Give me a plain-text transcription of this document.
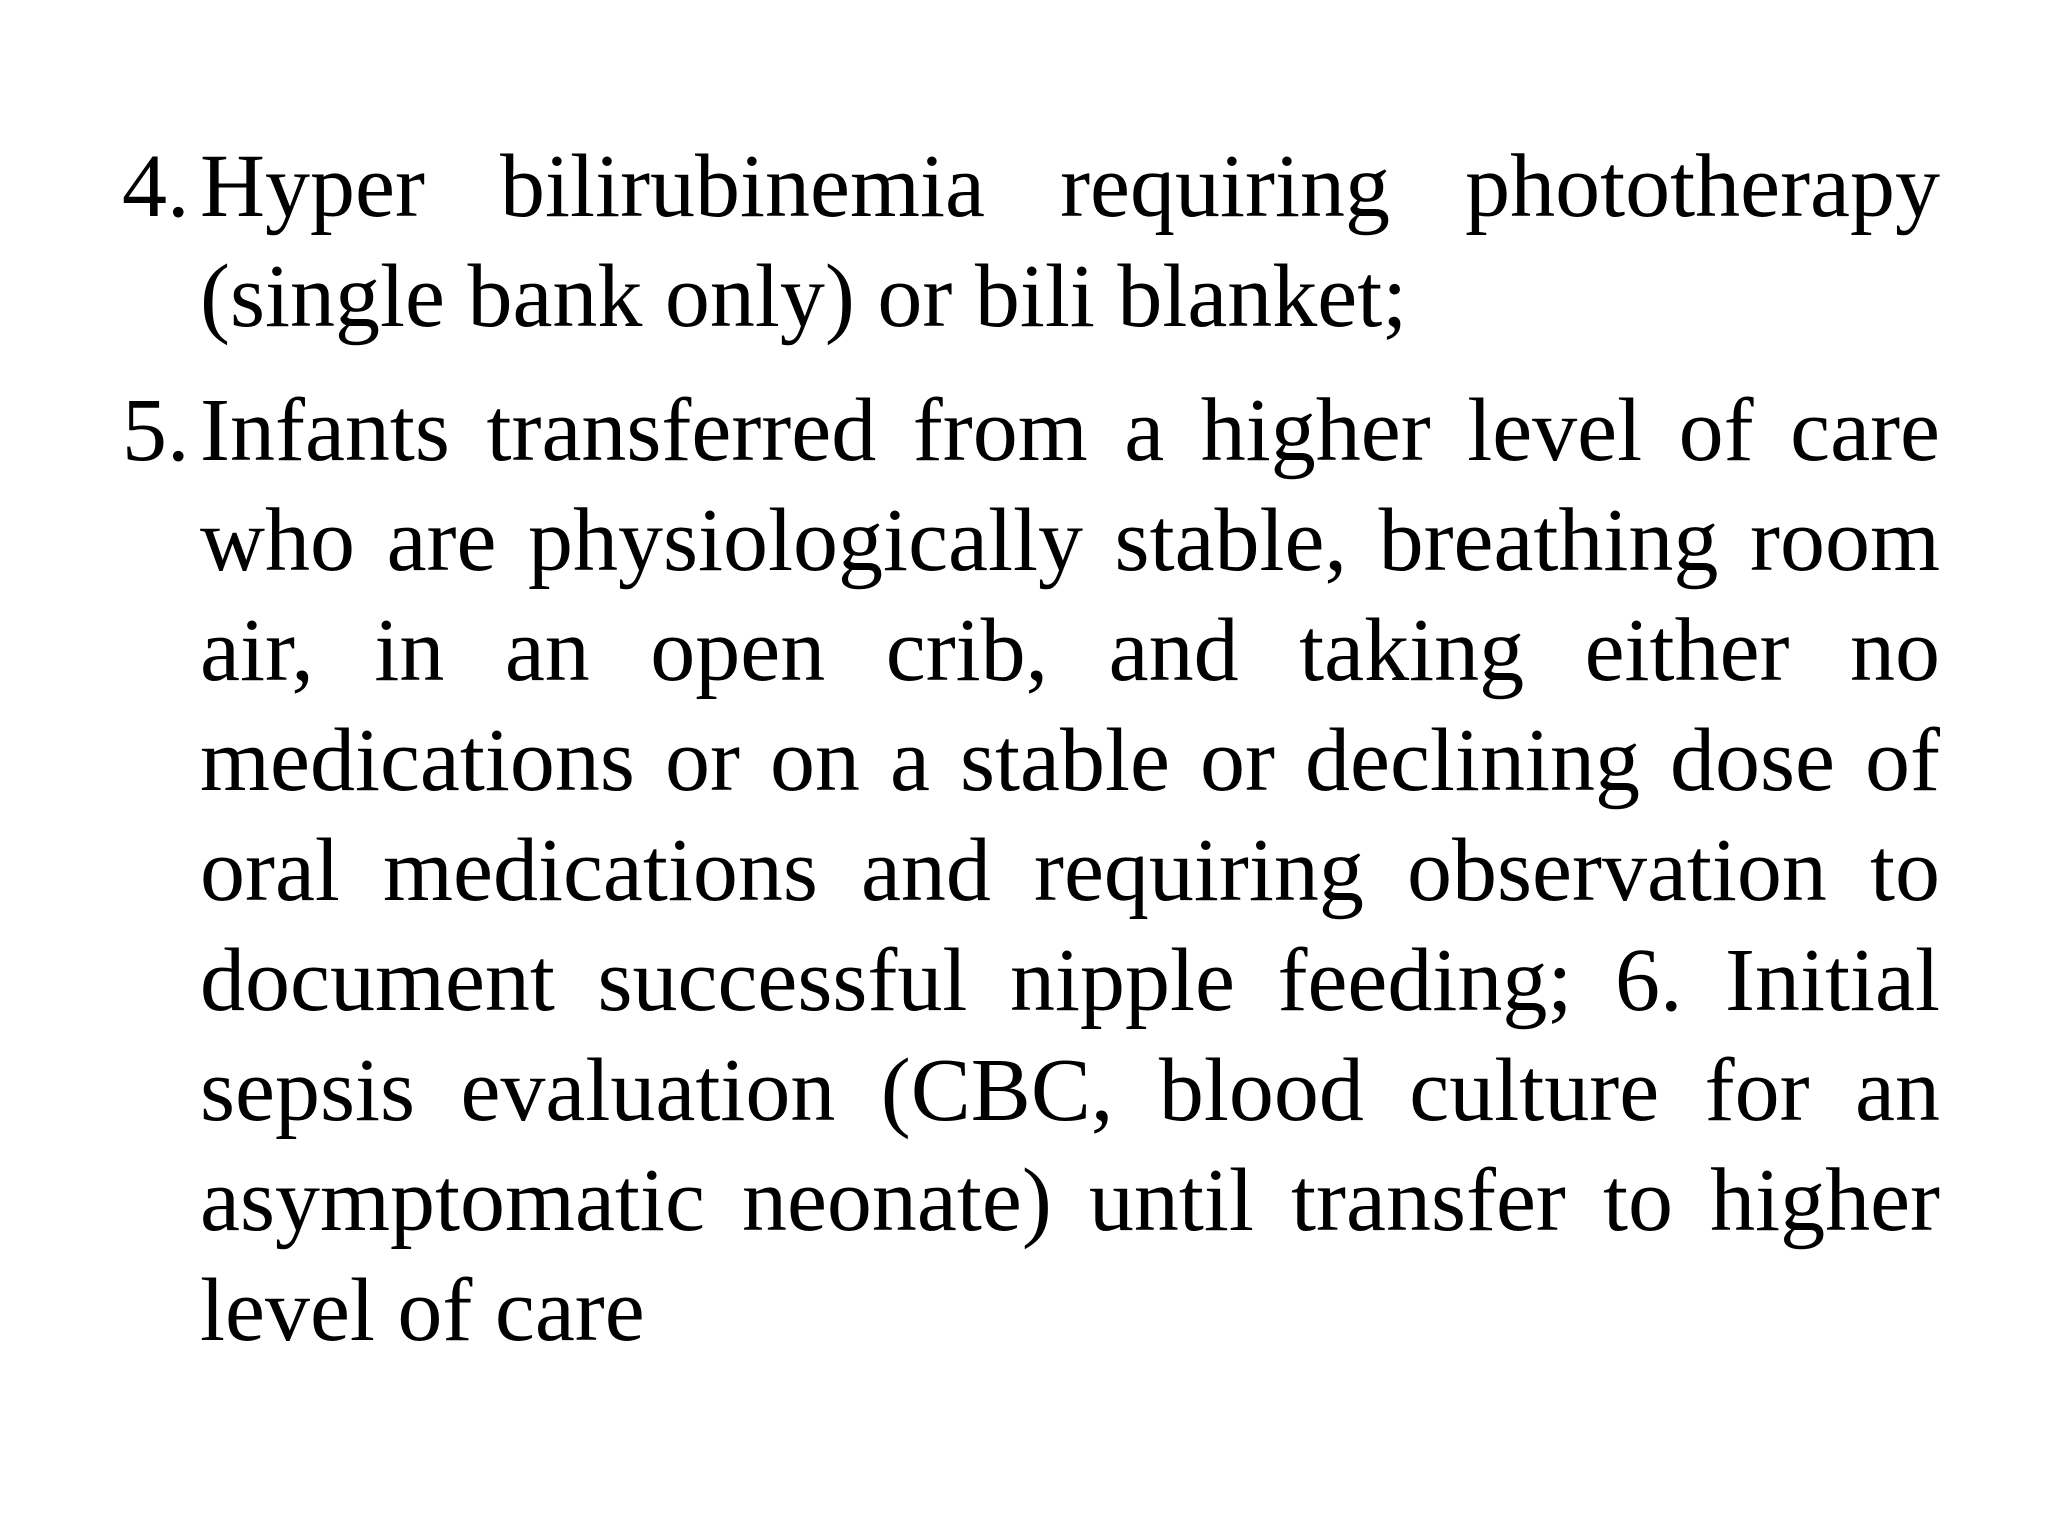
4. Hyper bilirubinemia requiring phototherapy (single bank only) or bili blanket;
5. Infants transferred from a higher level of care who are physiologically stable, breathing room air, in an open crib, and taking either no medications or on a stable or declining dose of oral medications and requiring observation to document successful nipple feeding; 6. Initial sepsis evaluation (CBC, blood culture for an asymptomatic neonate) until transfer to higher level of care
